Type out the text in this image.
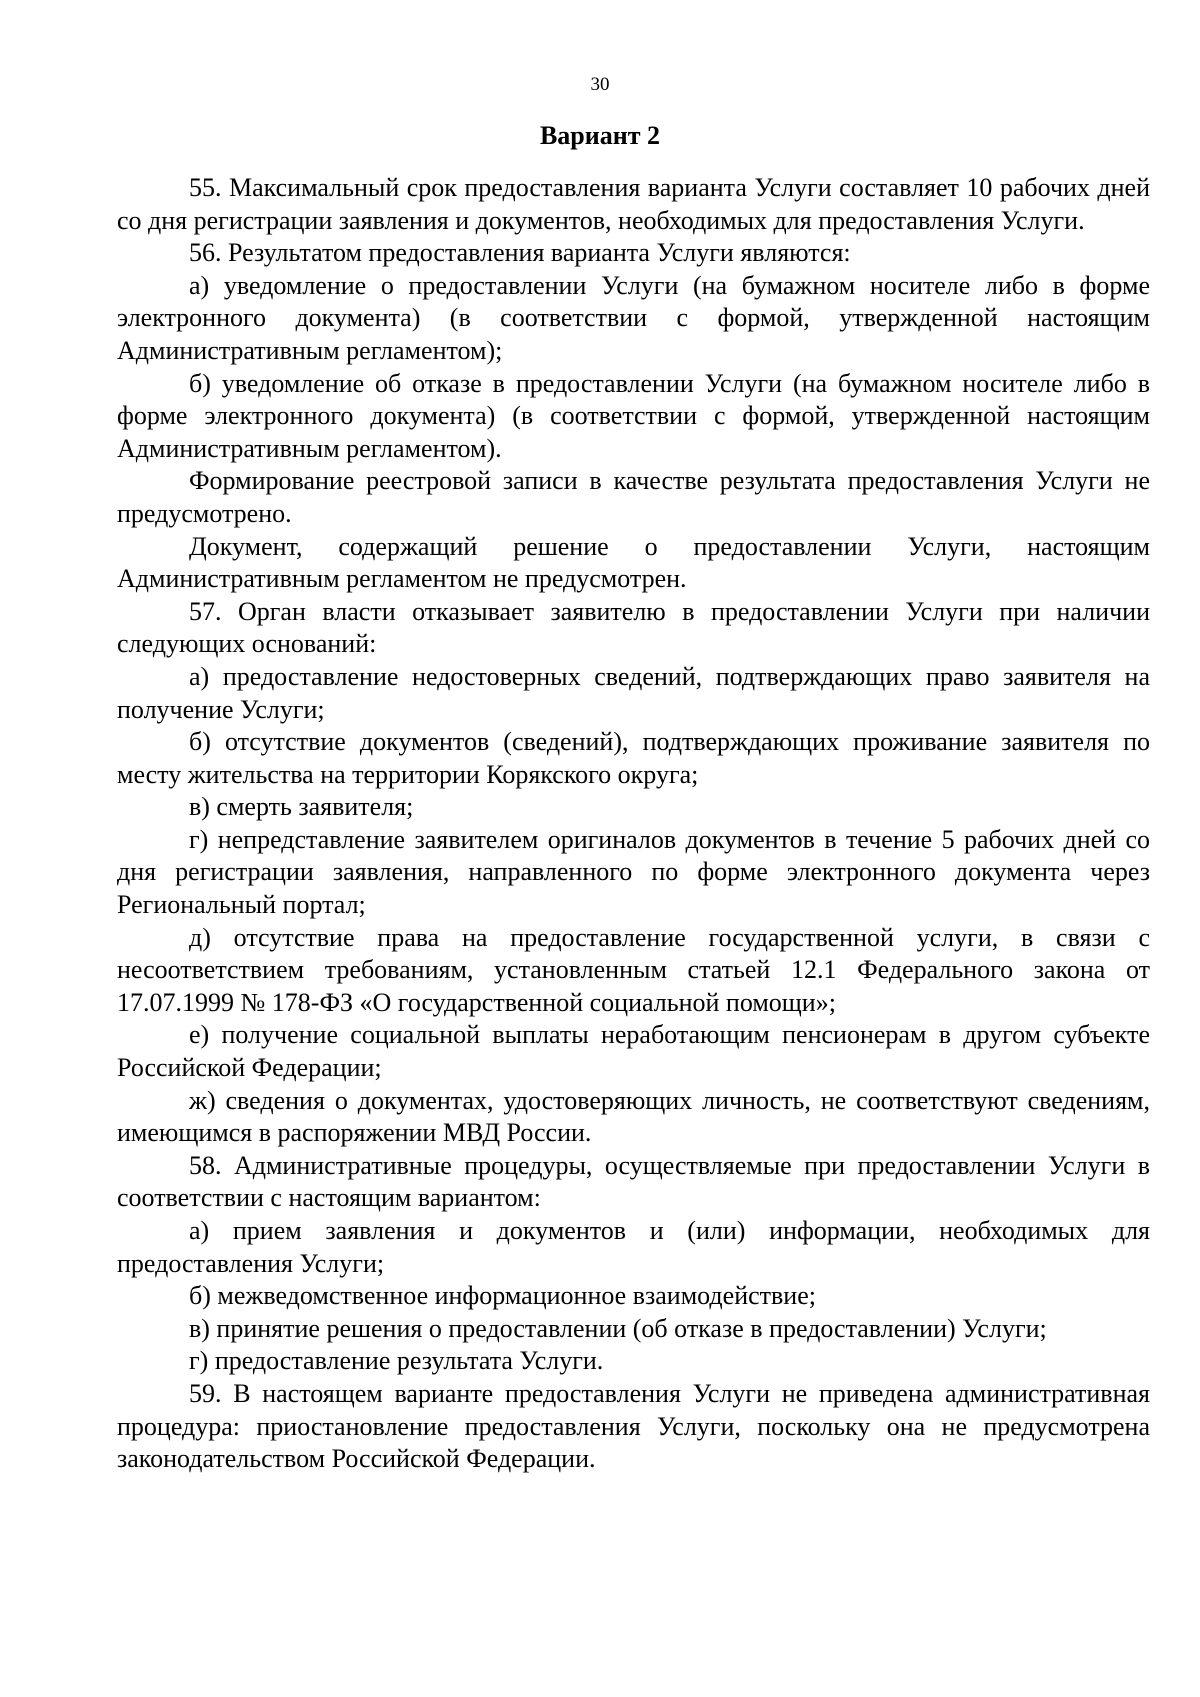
30
Вариант 2

55. Максимальный срок предоставления варианта Услуги составляет 10 рабочих дней со дня регистрации заявления и документов, необходимых для предоставления Услуги.

56. Результатом предоставления варианта Услуги являются:

а) уведомление о предоставлении Услуги (на бумажном носителе либо в форме электронного документа) (в соответствии с формой, утвержденной настоящим Административным регламентом);

б) уведомление об отказе в предоставлении Услуги (на бумажном носителе либо в форме электронного документа) (в соответствии с формой, утвержденной настоящим Административным регламентом).

Формирование реестровой записи в качестве результата предоставления Услуги не предусмотрено.

Документ, содержащий решение о предоставлении Услуги, настоящим Административным регламентом не предусмотрен.

57. Орган власти отказывает заявителю в предоставлении Услуги при наличии следующих оснований:

а) предоставление недостоверных сведений, подтверждающих право заявителя на получение Услуги;

б) отсутствие документов (сведений), подтверждающих проживание заявителя по месту жительства на территории Корякского округа;

в) смерть заявителя;

г) непредставление заявителем оригиналов документов в течение 5 рабочих дней со дня регистрации заявления, направленного по форме электронного документа через Региональный портал;

д) отсутствие права на предоставление государственной услуги, в связи с несоответствием требованиям, установленным статьей 12.1 Федерального закона от 17.07.1999 № 178-ФЗ «О государственной социальной помощи»;

е) получение социальной выплаты неработающим пенсионерам в другом субъекте Российской Федерации;

ж) сведения о документах, удостоверяющих личность, не соответствуют сведениям, имеющимся в распоряжении МВД России.

58. Административные процедуры, осуществляемые при предоставлении Услуги в соответствии с настоящим вариантом:

а) прием заявления и документов и (или) информации, необходимых для предоставления Услуги;

б) межведомственное информационное взаимодействие;

в) принятие решения о предоставлении (об отказе в предоставлении) Услуги;

г) предоставление результата Услуги.

59. В настоящем варианте предоставления Услуги не приведена административная процедура: приостановление предоставления Услуги, поскольку она не предусмотрена законодательством Российской Федерации.
